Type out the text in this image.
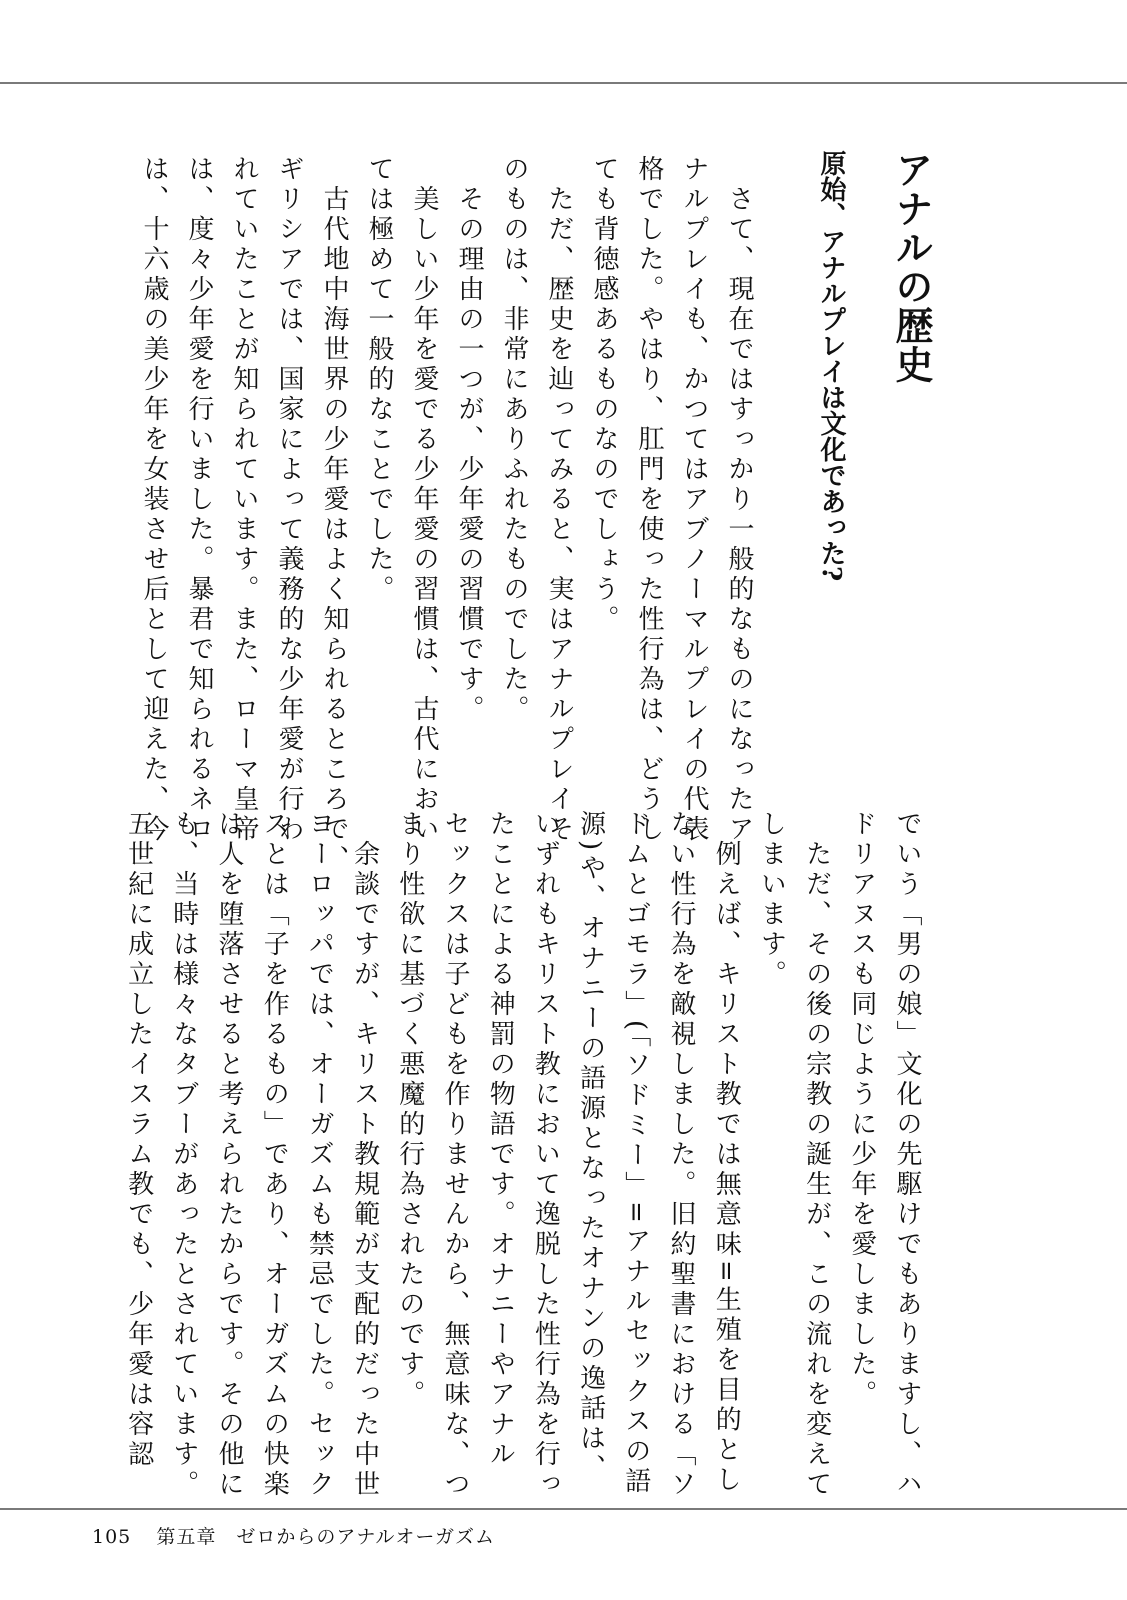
アナルの歴史
原始、アナルプレイは文化であった?
さて、現在ではすっかり一般的なものになったア
ナルプレイも、かつてはアブノーマルプレイの代表
格でした。やはり、肛門を使った性行為は、どうし
ても背徳感あるものなのでしょう。
ただ、歴史を辿ってみると、実はアナルプレイそ
のものは、非常にありふれたものでした。
その理由の一つが、少年愛の習慣です。
美しい少年を愛でる少年愛の習慣は、古代におい
ては極めて一般的なことでした。
古代地中海世界の少年愛はよく知られるところで、
ギリシアでは、国家によって義務的な少年愛が行わ
れていたことが知られています。また、ローマ皇帝
は、度々少年愛を行いました。暴君で知られるネロ
は、十六歳の美少年を女装させ后として迎えた、今
でいう「男の娘」文化の先駆けでもありますし、ハ
ドリアヌスも同じように少年を愛しました。
ただ、その後の宗教の誕生が、この流れを変えて
しまいます。
例えば、キリスト教では無意味=生殖を目的とし
ない性行為を敵視しました。旧約聖書における「ソ
ドムとゴモラ」(「ソドミー」=アナルセックスの語
源)や、オナニーの語源となったオナンの逸話は、
いずれもキリスト教において逸脱した性行為を行っ
たことによる神罰の物語です。オナニーやアナル
セックスは子どもを作りませんから、無意味な、つ
まり性欲に基づく悪魔的行為されたのです。
余談ですが、キリスト教規範が支配的だった中世
ヨーロッパでは、オーガズムも禁忌でした。セック
スとは「子を作るもの」であり、オーガズムの快楽
は人を堕落させると考えられたからです。その他に
も、当時は様々なタブーがあったとされています。
五世紀に成立したイスラム教でも、少年愛は容認
105 第五章　ゼロからのアナルオーガズム
